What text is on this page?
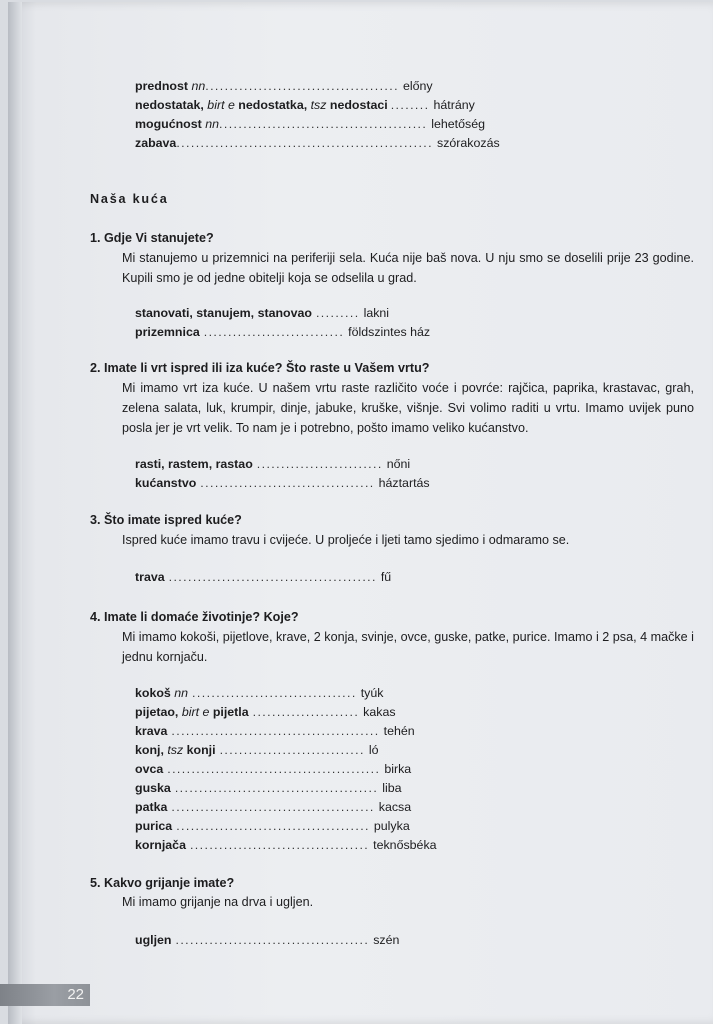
prednost nn ........................................ előny
nedostatak, birt e nedostatka, tsz nedostaci ........ hátrány
mogućnost nn ........................................... lehetőség
zabava ..................................................... szórakozás
Naša kuća
1. Gdje Vi stanujete?
Mi stanujemo u prizemnici na periferiji sela. Kuća nije baš nova. U nju smo se doselili prije 23 godine. Kupili smo je od jedne obitelji koja se odselila u grad.
stanovati, stanujem, stanovao ......... lakni
prizemnica ............................. földszintes ház
2. Imate li vrt ispred ili iza kuće? Što raste u Vašem vrtu?
Mi imamo vrt iza kuće. U našem vrtu raste različito voće i povrće: rajčica, paprika, krastavac, grah, zelena salata, luk, krumpir, dinje, jabuke, kruške, višnje. Svi volimo raditi u vrtu. Imamo uvijek puno posla jer je vrt velik. To nam je i potrebno, pošto imamo veliko kućanstvo.
rasti, rastem, rastao .......................... nőni
kućanstvo .................................... háztartás
3. Što imate ispred kuće?
Ispred kuće imamo travu i cvijeće. U proljeće i ljeti tamo sjedimo i odmaramo se.
trava ........................................... fű
4. Imate li domaće životinje? Koje?
Mi imamo kokoši, pijetlove, krave, 2 konja, svinje, ovce, guske, patke, purice. Imamo i 2 psa, 4 mačke i jednu kornjaču.
kokoš nn .................................. tyúk
pijetao, birt e pijetla ...................... kakas
krava ........................................... tehén
konj, tsz konji .............................. ló
ovca ............................................ birka
guska .......................................... liba
patka .......................................... kacsa
purica ........................................ pulyka
kornjača ..................................... teknősbéka
5. Kakvo grijanje imate?
Mi imamo grijanje na drva i ugljen.
ugljen ........................................ szén
22
